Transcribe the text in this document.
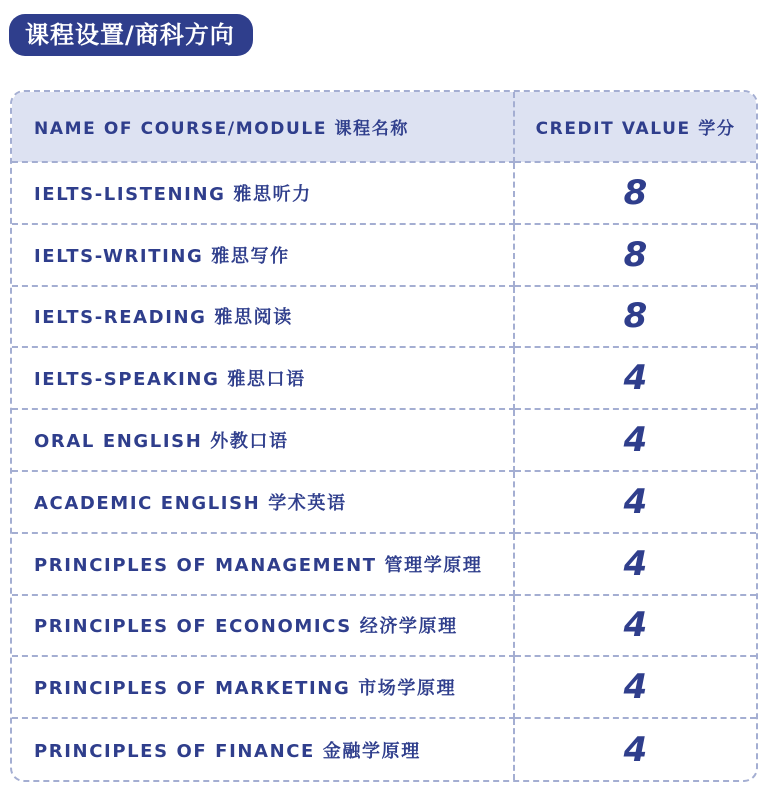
课程设置/商科方向
NAME OF COURSE/MODULE 课程名称	CREDIT VALUE 学分
IELTS-LISTENING 雅思听力	8
IELTS-WRITING 雅思写作	8
IELTS-READING 雅思阅读	8
IELTS-SPEAKING 雅思口语	4
ORAL ENGLISH 外教口语	4
ACADEMIC ENGLISH 学术英语	4
PRINCIPLES OF MANAGEMENT 管理学原理	4
PRINCIPLES OF ECONOMICS 经济学原理	4
PRINCIPLES OF MARKETING 市场学原理	4
PRINCIPLES OF FINANCE 金融学原理	4
